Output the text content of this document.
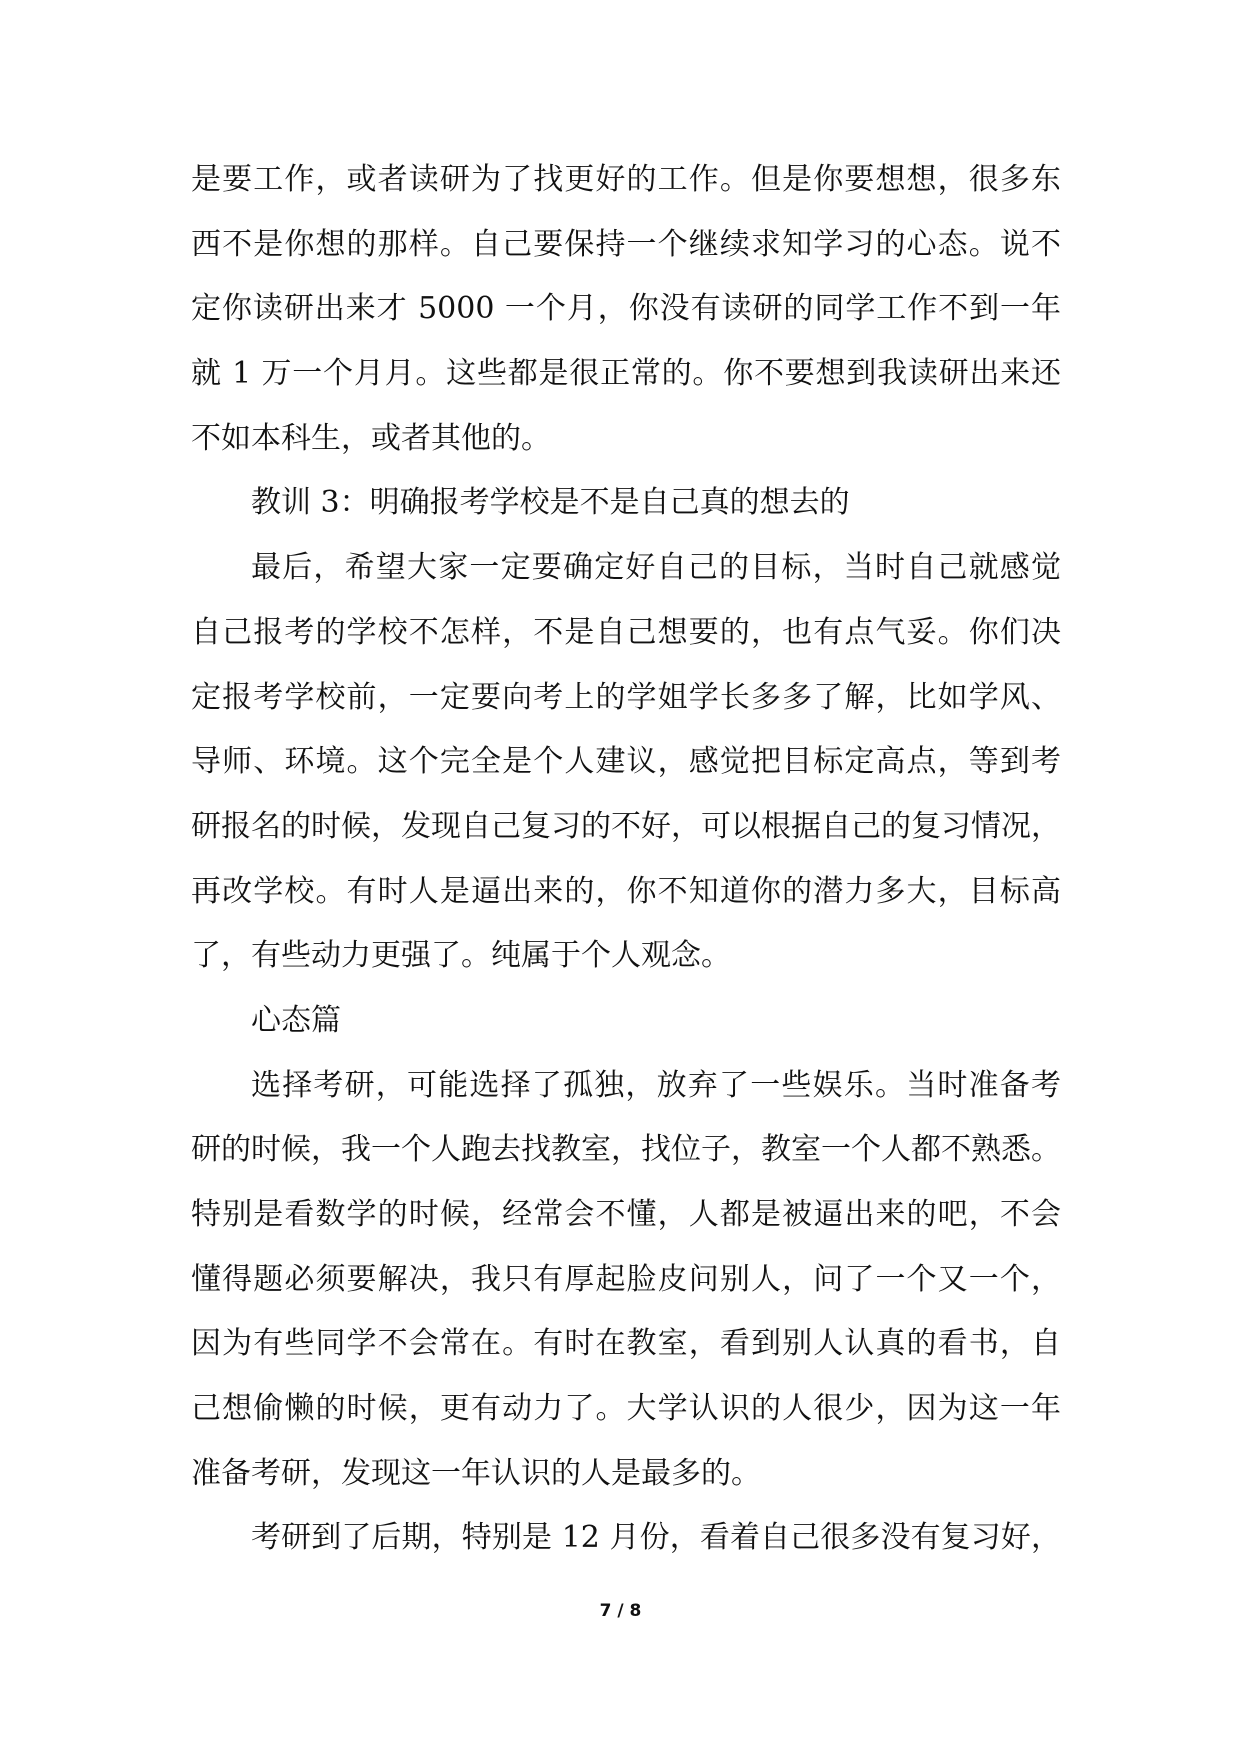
是要工作，或者读研为了找更好的工作。但是你要想想，很多东
西不是你想的那样。自己要保持一个继续求知学习的心态。说不
定你读研出来才 5000 一个月，你没有读研的同学工作不到一年
就 1 万一个月月。这些都是很正常的。你不要想到我读研出来还
不如本科生，或者其他的。
教训 3：明确报考学校是不是自己真的想去的
最后，希望大家一定要确定好自己的目标，当时自己就感觉
自己报考的学校不怎样，不是自己想要的，也有点气妥。你们决
定报考学校前，一定要向考上的学姐学长多多了解，比如学风、
导师、环境。这个完全是个人建议，感觉把目标定高点，等到考
研报名的时候，发现自己复习的不好，可以根据自己的复习情况，
再改学校。有时人是逼出来的，你不知道你的潜力多大，目标高
了，有些动力更强了。纯属于个人观念。
心态篇
选择考研，可能选择了孤独，放弃了一些娱乐。当时准备考
研的时候，我一个人跑去找教室，找位子，教室一个人都不熟悉。
特别是看数学的时候，经常会不懂，人都是被逼出来的吧，不会
懂得题必须要解决，我只有厚起脸皮问别人，问了一个又一个，
因为有些同学不会常在。有时在教室，看到别人认真的看书，自
己想偷懒的时候，更有动力了。大学认识的人很少，因为这一年
准备考研，发现这一年认识的人是最多的。
考研到了后期，特别是 12 月份，看着自己很多没有复习好，
7 / 8
